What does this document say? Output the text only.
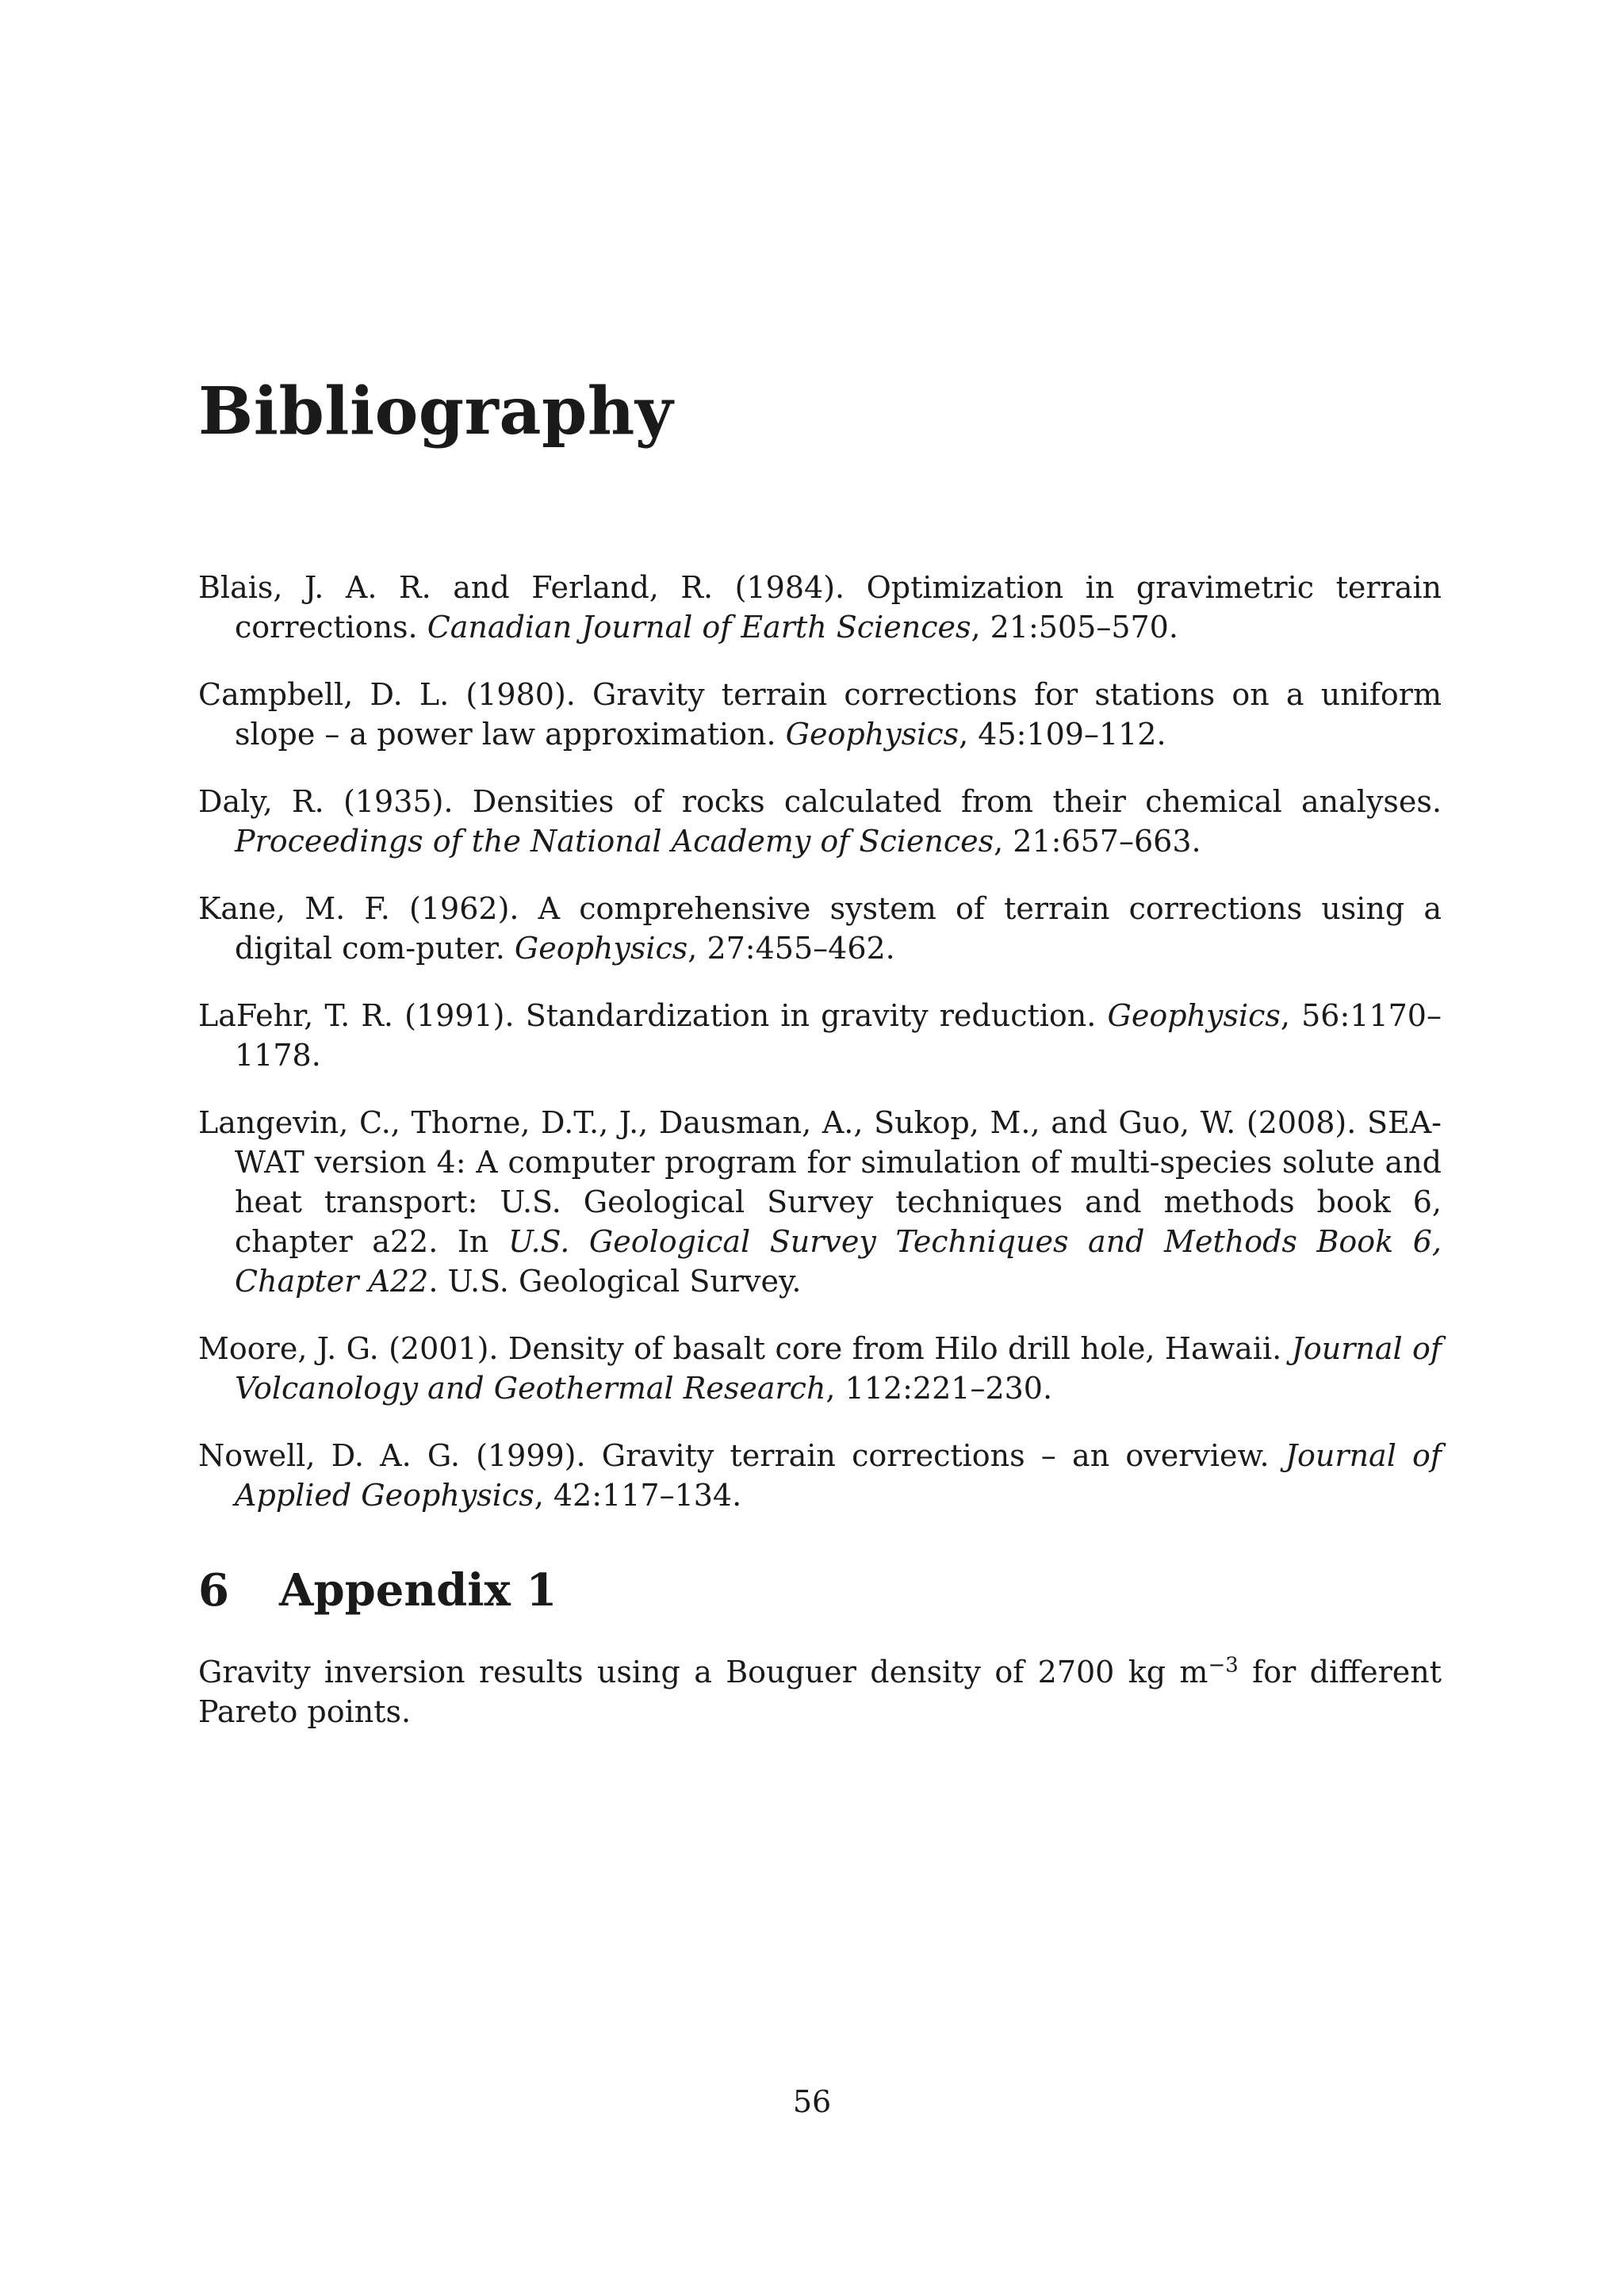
Bibliography
Blais, J. A. R. and Ferland, R. (1984). Optimization in gravimetric terrain corrections. Canadian Journal of Earth Sciences, 21:505–570.
Campbell, D. L. (1980). Gravity terrain corrections for stations on a uniform slope – a power law approximation. Geophysics, 45:109–112.
Daly, R. (1935). Densities of rocks calculated from their chemical analyses. Proceedings of the National Academy of Sciences, 21:657–663.
Kane, M. F. (1962). A comprehensive system of terrain corrections using a digital com-puter. Geophysics, 27:455–462.
LaFehr, T. R. (1991). Standardization in gravity reduction. Geophysics, 56:1170–1178.
Langevin, C., Thorne, D.T., J., Dausman, A., Sukop, M., and Guo, W. (2008). SEA-WAT version 4: A computer program for simulation of multi-species solute and heat transport: U.S. Geological Survey techniques and methods book 6, chapter a22. In U.S. Geological Survey Techniques and Methods Book 6, Chapter A22. U.S. Geological Survey.
Moore, J. G. (2001). Density of basalt core from Hilo drill hole, Hawaii. Journal of Volcanology and Geothermal Research, 112:221–230.
Nowell, D. A. G. (1999). Gravity terrain corrections – an overview. Journal of Applied Geophysics, 42:117–134.
6 Appendix 1

Gravity inversion results using a Bouguer density of 2700 kg $m^{-3}$ for different Pareto points.

56
